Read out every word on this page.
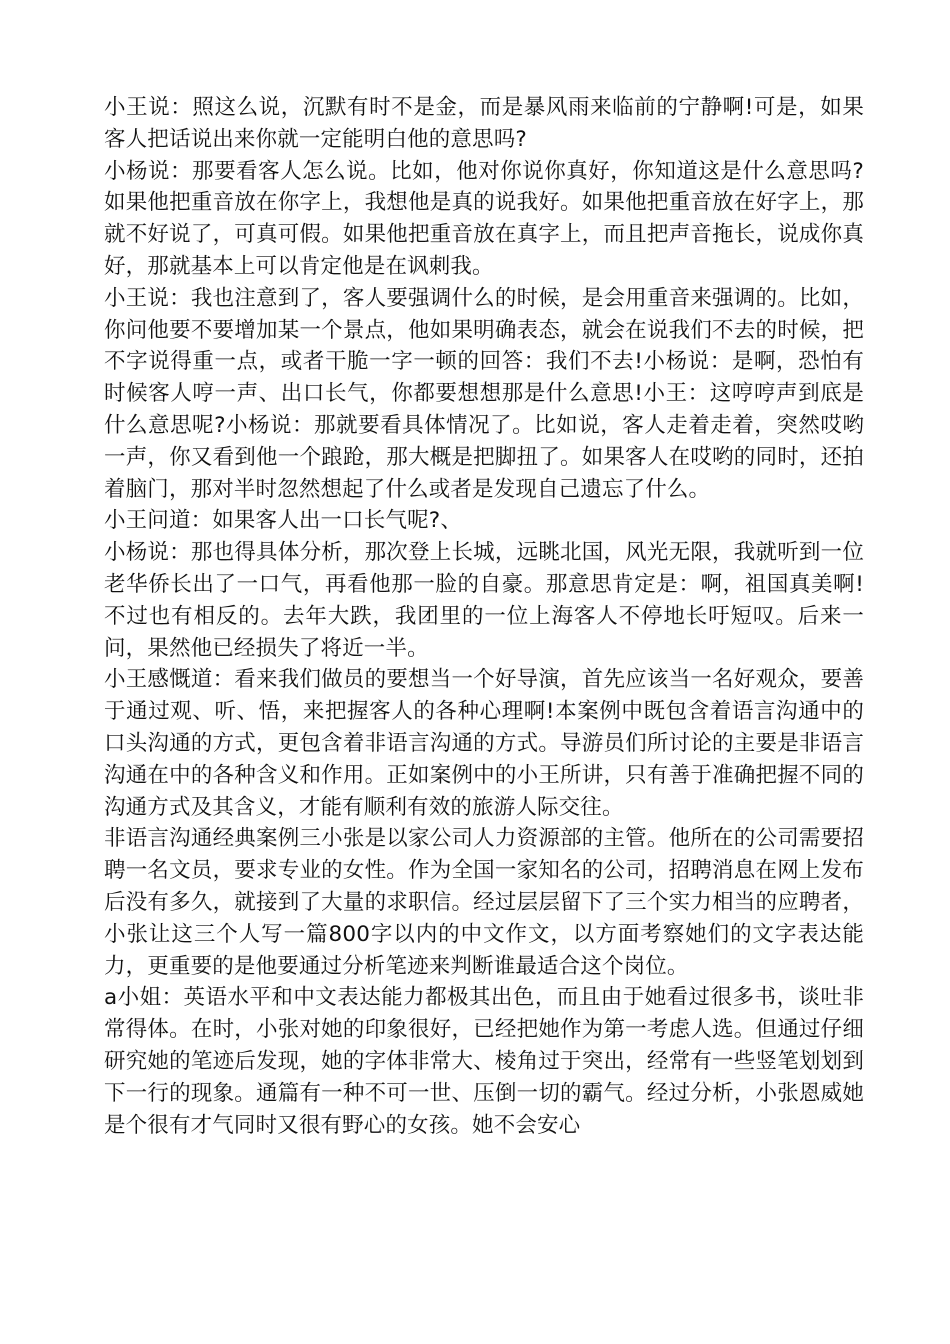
小王说：照这么说，沉默有时不是金，而是暴风雨来临前的宁静啊!可是，如果客人把话说出来你就一定能明白他的意思吗?

小杨说：那要看客人怎么说。比如，他对你说你真好，你知道这是什么意思吗?如果他把重音放在你字上，我想他是真的说我好。如果他把重音放在好字上，那就不好说了，可真可假。如果他把重音放在真字上，而且把声音拖长，说成你真好，那就基本上可以肯定他是在讽刺我。

小王说：我也注意到了，客人要强调什么的时候，是会用重音来强调的。比如，你问他要不要增加某一个景点，他如果明确表态，就会在说我们不去的时候，把不字说得重一点，或者干脆一字一顿的回答：我们不去!小杨说：是啊，恐怕有时候客人哼一声、出口长气，你都要想想那是什么意思!小王：这哼哼声到底是什么意思呢?小杨说：那就要看具体情况了。比如说，客人走着走着，突然哎哟一声，你又看到他一个踉跄，那大概是把脚扭了。如果客人在哎哟的同时，还拍着脑门，那对半时忽然想起了什么或者是发现自己遗忘了什么。

小王问道：如果客人出一口长气呢?、

小杨说：那也得具体分析，那次登上长城，远眺北国，风光无限，我就听到一位老华侨长出了一口气，再看他那一脸的自豪。那意思肯定是：啊，祖国真美啊!不过也有相反的。去年大跌，我团里的一位上海客人不停地长吁短叹。后来一问，果然他已经损失了将近一半。

小王感慨道：看来我们做员的要想当一个好导演，首先应该当一名好观众，要善于通过观、听、悟，来把握客人的各种心理啊!本案例中既包含着语言沟通中的口头沟通的方式，更包含着非语言沟通的方式。导游员们所讨论的主要是非语言沟通在中的各种含义和作用。正如案例中的小王所讲，只有善于准确把握不同的沟通方式及其含义，才能有顺利有效的旅游人际交往。

非语言沟通经典案例三小张是以家公司人力资源部的主管。他所在的公司需要招聘一名文员，要求专业的女性。作为全国一家知名的公司，招聘消息在网上发布后没有多久，就接到了大量的求职信。经过层层留下了三个实力相当的应聘者，小张让这三个人写一篇800字以内的中文作文，以方面考察她们的文字表达能力，更重要的是他要通过分析笔迹来判断谁最适合这个岗位。

a小姐：英语水平和中文表达能力都极其出色，而且由于她看过很多书，谈吐非常得体。在时，小张对她的印象很好，已经把她作为第一考虑人选。但通过仔细研究她的笔迹后发现，她的字体非常大、棱角过于突出，经常有一些竖笔划划到下一行的现象。通篇有一种不可一世、压倒一切的霸气。经过分析，小张恩威她是个很有才气同时又很有野心的女孩。她不会安心
